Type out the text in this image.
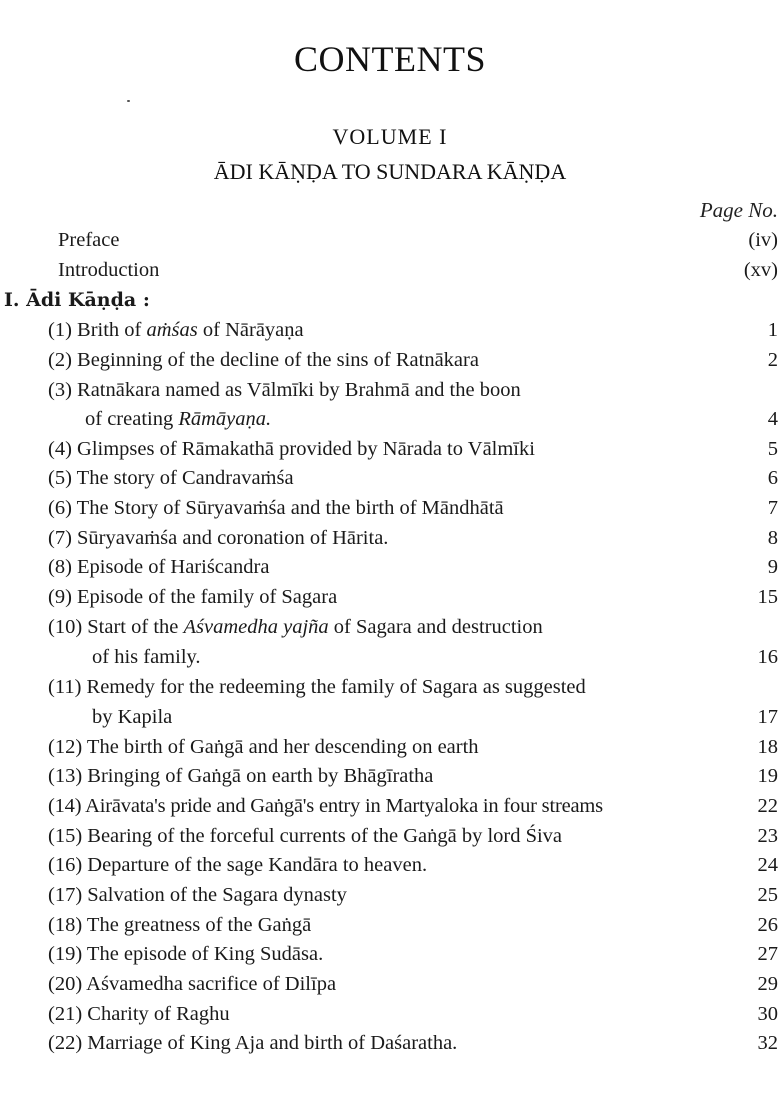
CONTENTS
VOLUME I
ĀDI KĀṆḌA TO SUNDARA KĀṆḌA
Page No.
Preface	(iv)
Introduction	(xv)
I. Ādi Kāṇḍa :
(1) Brith of aṁśas of Nārāyaṇa	1
(2) Beginning of the decline of the sins of Ratnākara	2
(3) Ratnākara named as Vālmīki by Brahmā and the boon
of creating Rāmāyaṇa.	4
(4) Glimpses of Rāmakathā provided by Nārada to Vālmīki	5
(5) The story of Candravaṁśa	6
(6) The Story of Sūryavaṁśa and the birth of Māndhātā	7
(7) Sūryavaṁśa and coronation of Hārita.	8
(8) Episode of Hariścandra	9
(9) Episode of the family of Sagara	15
(10) Start of the Aśvamedha yajña of Sagara and destruction
of his family.	16
(11) Remedy for the redeeming the family of Sagara as suggested
by Kapila	17
(12) The birth of Gaṅgā and her descending on earth	18
(13) Bringing of Gaṅgā on earth by Bhāgīratha	19
(14) Airāvata's pride and Gaṅgā's entry in Martyaloka in four streams	22
(15) Bearing of the forceful currents of the Gaṅgā by lord Śiva	23
(16) Departure of the sage Kandāra to heaven.	24
(17) Salvation of the Sagara dynasty	25
(18) The greatness of the Gaṅgā	26
(19) The episode of King Sudāsa.	27
(20) Aśvamedha sacrifice of Dilīpa	29
(21) Charity of Raghu	30
(22) Marriage of King Aja and birth of Daśaratha.	32
